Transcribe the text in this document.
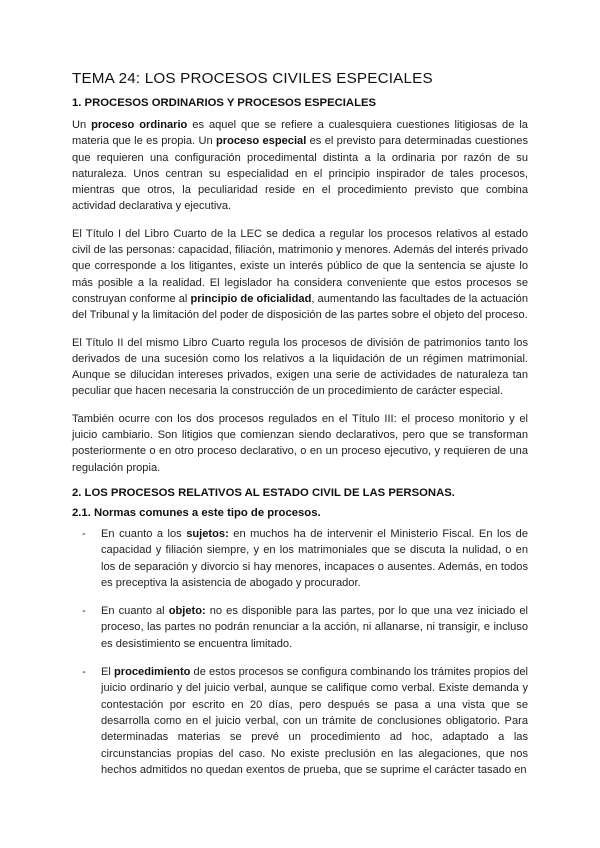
TEMA 24: LOS PROCESOS CIVILES ESPECIALES
1. PROCESOS ORDINARIOS Y PROCESOS ESPECIALES

Un proceso ordinario es aquel que se refiere a cualesquiera cuestiones litigiosas de la materia que le es propia. Un proceso especial es el previsto para determinadas cuestiones que requieren una configuración procedimental distinta a la ordinaria por razón de su naturaleza. Unos centran su especialidad en el principio inspirador de tales procesos, mientras que otros, la peculiaridad reside en el procedimiento previsto que combina actividad declarativa y ejecutiva.

El Título I del Libro Cuarto de la LEC se dedica a regular los procesos relativos al estado civil de las personas: capacidad, filiación, matrimonio y menores. Además del interés privado que corresponde a los litigantes, existe un interés público de que la sentencia se ajuste lo más posible a la realidad. El legislador ha considera conveniente que estos procesos se construyan conforme al principio de oficialidad, aumentando las facultades de la actuación del Tribunal y la limitación del poder de disposición de las partes sobre el objeto del proceso.

El Título II del mismo Libro Cuarto regula los procesos de división de patrimonios tanto los derivados de una sucesión como los relativos a la liquidación de un régimen matrimonial. Aunque se dilucidan intereses privados, exigen una serie de actividades de naturaleza tan peculiar que hacen necesaria la construcción de un procedimiento de carácter especial.

También ocurre con los dos procesos regulados en el Título III: el proceso monitorio y el juicio cambiario. Son litigios que comienzan siendo declarativos, pero que se transforman posteriormente o en otro proceso declarativo, o en un proceso ejecutivo, y requieren de una regulación propia.

2. LOS PROCESOS RELATIVOS AL ESTADO CIVIL DE LAS PERSONAS.
2.1. Normas comunes a este tipo de procesos.
- En cuanto a los sujetos: en muchos ha de intervenir el Ministerio Fiscal. En los de capacidad y filiación siempre, y en los matrimoniales que se discuta la nulidad, o en los de separación y divorcio si hay menores, incapaces o ausentes. Además, en todos es preceptiva la asistencia de abogado y procurador.
- En cuanto al objeto: no es disponible para las partes, por lo que una vez iniciado el proceso, las partes no podrán renunciar a la acción, ni allanarse, ni transigir, e incluso es desistimiento se encuentra limitado.
- El procedimiento de estos procesos se configura combinando los trámites propios del juicio ordinario y del juicio verbal, aunque se califique como verbal. Existe demanda y contestación por escrito en 20 días, pero después se pasa a una vista que se desarrolla como en el juicio verbal, con un trámite de conclusiones obligatorio. Para determinadas materias se prevé un procedimiento ad hoc, adaptado a las circunstancias propias del caso. No existe preclusión en las alegaciones, que nos hechos admitidos no quedan exentos de prueba, que se suprime el carácter tasado en
